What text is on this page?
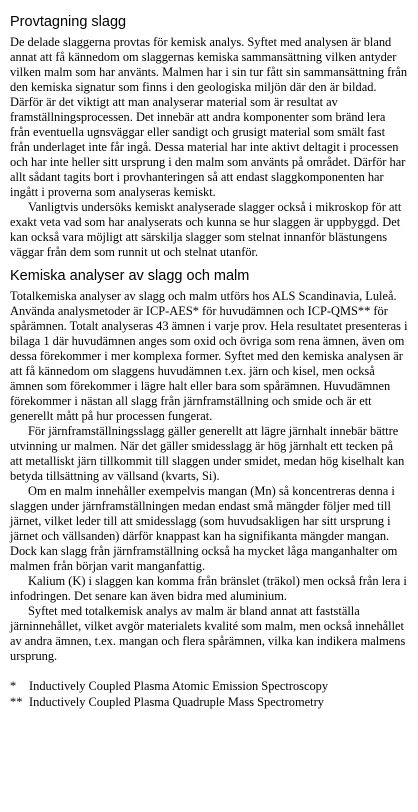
Provtagning slagg

De delade slaggerna provtas för kemisk analys. Syftet med analysen är bland annat att få kännedom om slaggernas kemiska sammansättning vilken antyder vilken malm som har använts. Malmen har i sin tur fått sin sammansättning från den kemiska signatur som finns i den geologiska miljön där den är bildad. Därför är det viktigt att man analyserar material som är resultat av framställningsprocessen. Det innebär att andra komponenter som bränd lera från eventuella ugnsväggar eller sandigt och grusigt material som smält fast från underlaget inte får ingå. Dessa material har inte aktivt deltagit i processen och har inte heller sitt ursprung i den malm som använts på området. Därför har allt sådant tagits bort i provhanteringen så att endast slaggkomponenten har ingått i proverna som analyseras kemiskt.

Vanligtvis undersöks kemiskt analyserade slagger också i mikroskop för att exakt veta vad som har analyserats och kunna se hur slaggen är uppbyggd. Det kan också vara möjligt att särskilja slagger som stelnat innanför blästungens väggar från dem som runnit ut och stelnat utanför.

Kemiska analyser av slagg och malm

Totalkemiska analyser av slagg och malm utförs hos ALS Scandinavia, Luleå. Använda analysmetoder är ICP-AES* för huvudämnen och ICP-QMS** för spårämnen. Totalt analyseras 43 ämnen i varje prov. Hela resultatet presenteras i bilaga 1 där huvudämnen anges som oxid och övriga som rena ämnen, även om dessa förekommer i mer komplexa former. Syftet med den kemiska analysen är att få kännedom om slaggens huvudämnen t.ex. järn och kisel, men också ämnen som förekommer i lägre halt eller bara som spårämnen. Huvudämnen förekommer i nästan all slagg från järnframställning och smide och är ett generellt mått på hur processen fungerat.

För järnframställningsslagg gäller generellt att lägre järnhalt innebär bättre utvinning ur malmen. När det gäller smidesslagg är hög järnhalt ett tecken på att metalliskt järn tillkommit till slaggen under smidet, medan hög kiselhalt kan betyda tillsättning av vällsand (kvarts, Si).

Om en malm innehåller exempelvis mangan (Mn) så koncentreras denna i slaggen under järnframställningen medan endast små mängder följer med till järnet, vilket leder till att smidesslagg (som huvudsakligen har sitt ursprung i järnet och vällsanden) därför knappast kan ha signifikanta mängder mangan. Dock kan slagg från järnframställning också ha mycket låga manganhalter om malmen från början varit manganfattig.

Kalium (K) i slaggen kan komma från bränslet (träkol) men också från lera i infodringen. Det senare kan även bidra med aluminium.

Syftet med totalkemisk analys av malm är bland annat att fastställa järninnehållet, vilket avgör materialets kvalité som malm, men också innehållet av andra ämnen, t.ex. mangan och flera spårämnen, vilka kan indikera malmens ursprung.

*	Inductively Coupled Plasma Atomic Emission Spectroscopy
** Inductively Coupled Plasma Quadruple Mass Spectrometry
